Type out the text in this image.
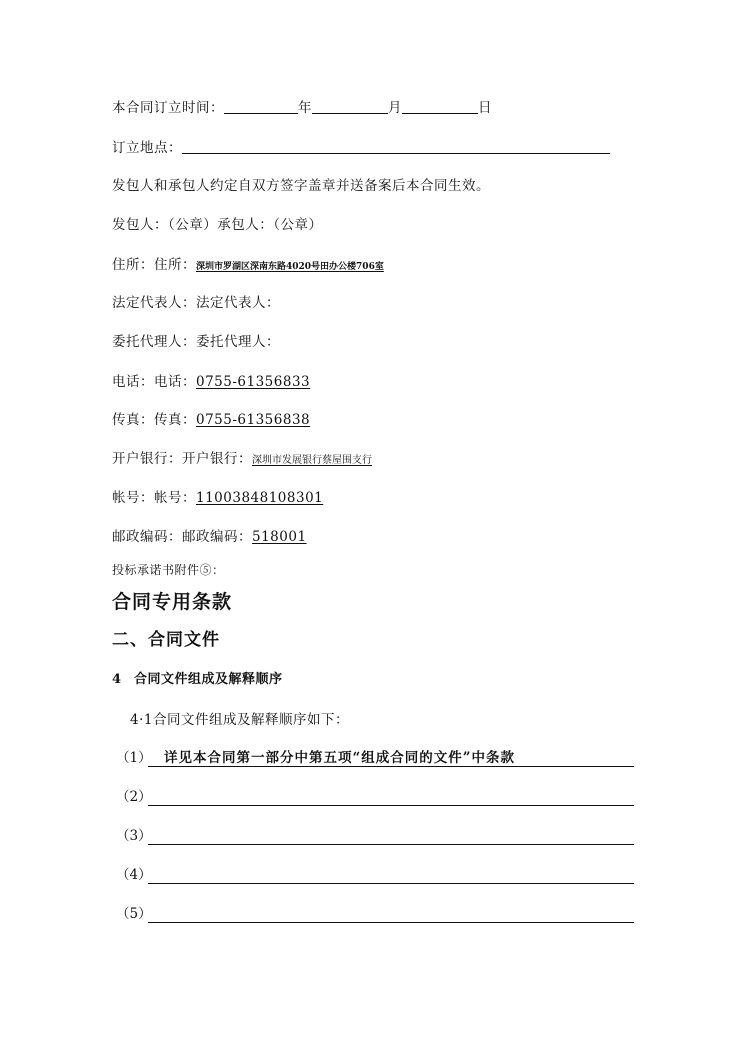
本合同订立时间：	年	月	日
订立地点：
发包人和承包人约定自双方签字盖章并送备案后本合同生效。
发包人：（公章）承包人：（公章）
住所：住所：深圳市罗湖区深南东路4020号田办公楼706室
法定代表人：法定代表人：
委托代理人：委托代理人：
电话：电话：0755-61356833
传真：传真：0755-61356838
开户银行：开户银行：深圳市发展银行蔡屋围支行
帐号：帐号：11003848108301
邮政编码：邮政编码：518001
投标承诺书附件⑤：
合同专用条款
二、合同文件
4 合同文件组成及解释顺序
4·1合同文件组成及解释顺序如下：
（1） 详见本合同第一部分中第五项“组成合同的文件”中条款
（2）
（3）
（4）
（5）
